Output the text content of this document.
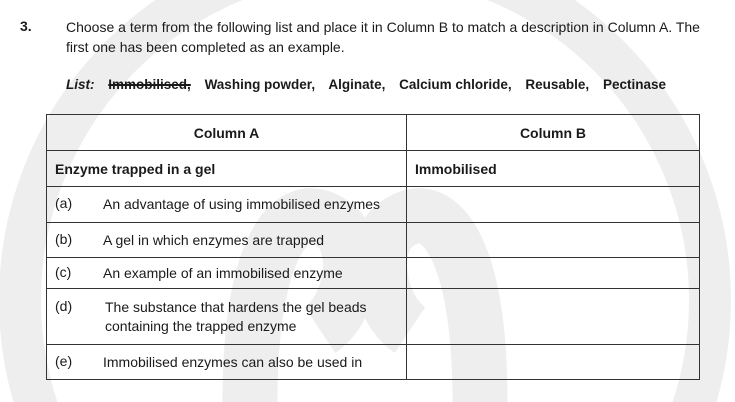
3. Choose a term from the following list and place it in Column B to match a description in Column A. The first one has been completed as an example.
List: Immobilised, Washing powder, Alginate, Calcium chloride, Reusable, Pectinase
Column A	Column B
Enzyme trapped in a gel	Immobilised

(a) An advantage of using immobilised enzymes	

(b) A gel in which enzymes are trapped	

(c) An example of an immobilised enzyme	

(d) The substance that hardens the gel beads containing the trapped enzyme	

(e) Immobilised enzymes can also be used in	
